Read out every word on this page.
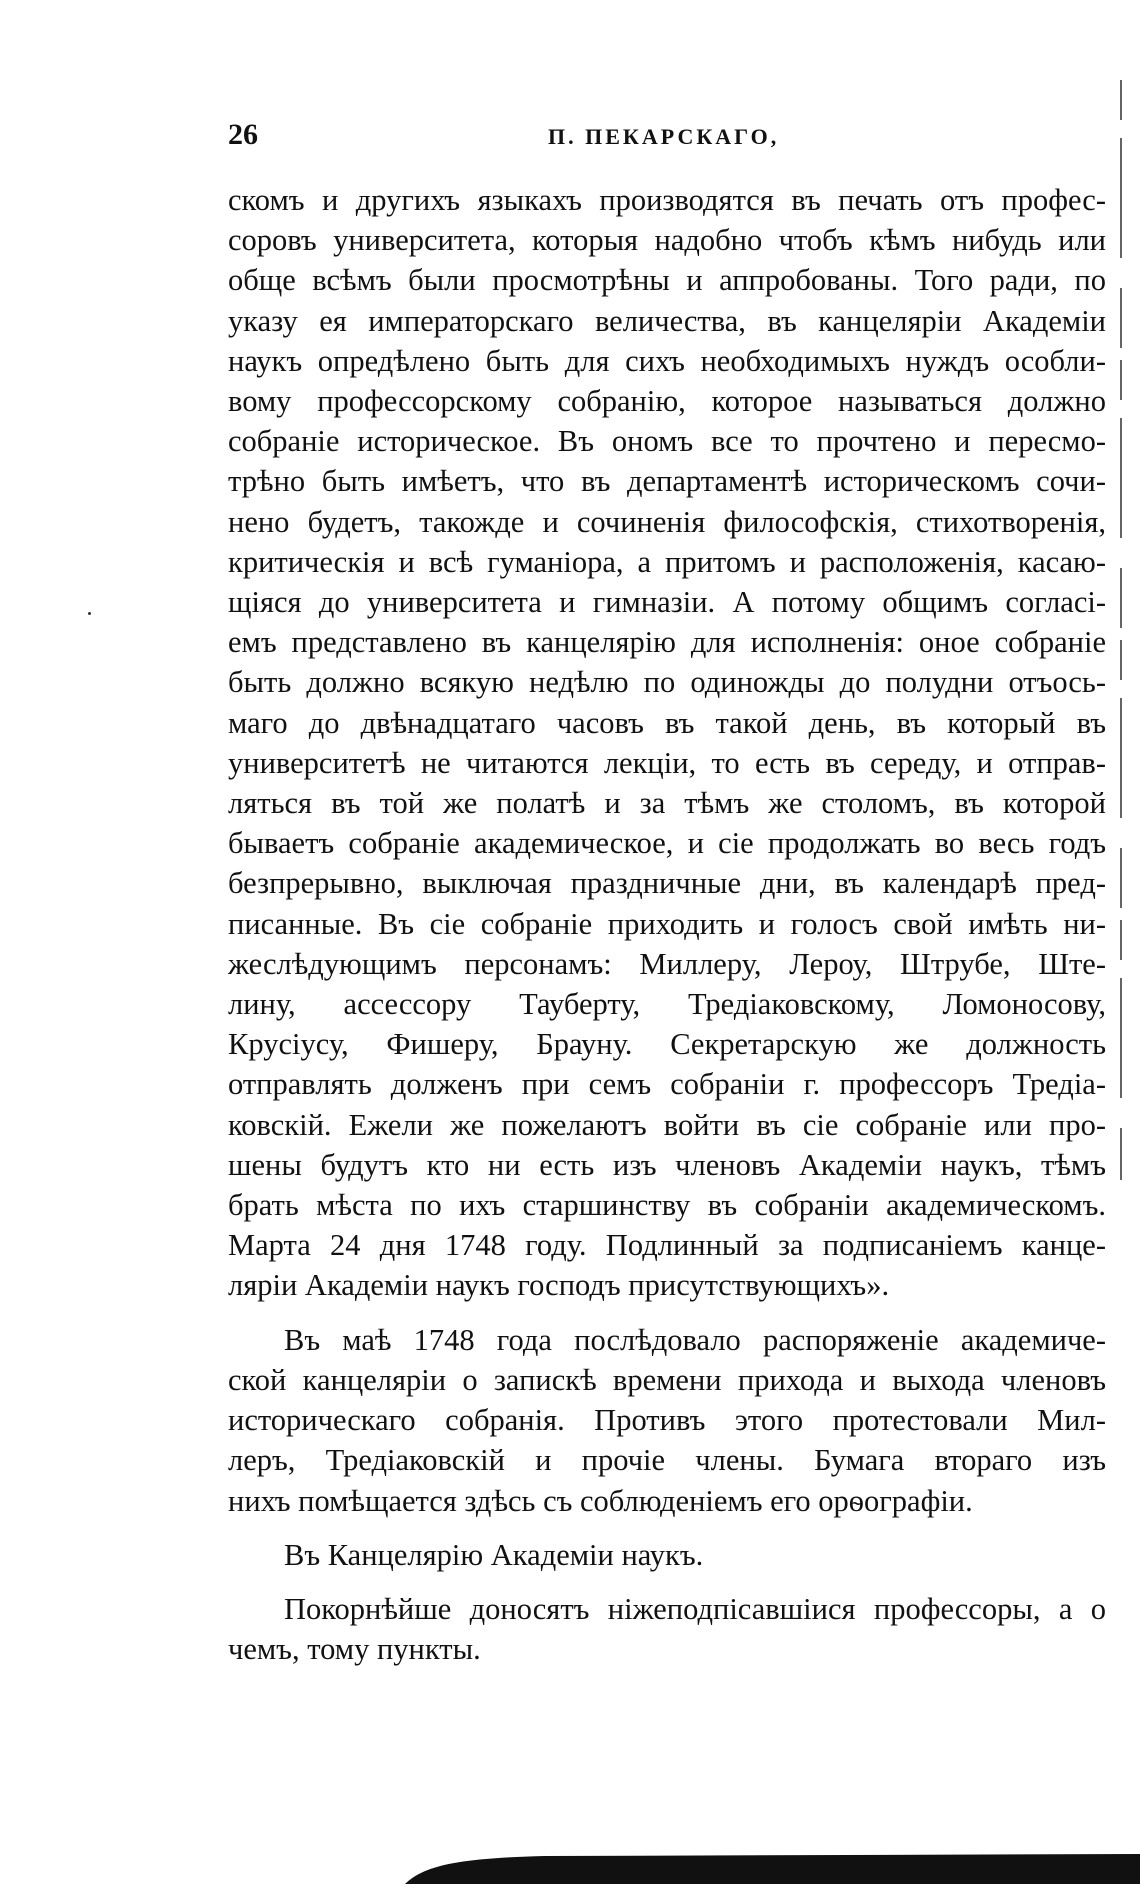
26	П. ПЕКАРСКАГО,
скомъ и другихъ языкахъ производятся въ печать отъ профес-
соровъ университета, которыя надобно чтобъ кѣмъ нибудь или
обще всѣмъ были просмотрѣны и аппробованы. Того ради, по
указу ея императорскаго величества, въ канцеляріи Академіи
наукъ опредѣлено быть для сихъ необходимыхъ нуждъ особли-
вому профессорскому собранію, которое называться должно
собраніе историческое. Въ ономъ все то прочтено и пересмо-
трѣно быть имѣетъ, что въ департаментѣ историческомъ сочи-
нено будетъ, такожде и сочиненія философскія, стихотворенія,
критическія и всѣ гуманіора, а притомъ и расположенія, касаю-
щіяся до университета и гимназіи. А потому общимъ согласі-
емъ представлено въ канцелярію для исполненія: оное собраніе
быть должно всякую недѣлю по одиножды до полудни отъось-
маго до двѣнадцатаго часовъ въ такой день, въ который въ
университетѣ не читаются лекціи, то есть въ середу, и отправ-
ляться въ той же полатѣ и за тѣмъ же столомъ, въ которой
бываетъ собраніе академическое, и сіе продолжать во весь годъ
безпрерывно, выключая праздничные дни, въ календарѣ пред-
писанные. Въ сіе собраніе приходить и голосъ свой имѣть ни-
жеслѣдующимъ персонамъ: Миллеру, Лероу, Штрубе, Ште-
лину, ассессору Тауберту, Тредіаковскому, Ломоносову,
Крусіусу, Фишеру, Брауну. Секретарскую же должность
отправлять долженъ при семъ собраніи г. профессоръ Тредіа-
ковскій. Ежели же пожелаютъ войти въ сіе собраніе или про-
шены будутъ кто ни есть изъ членовъ Академіи наукъ, тѣмъ
брать мѣста по ихъ старшинству въ собраніи академическомъ.
Марта 24 дня 1748 году. Подлинный за подписаніемъ канце-
ляріи Академіи наукъ господъ присутствующихъ».
Въ маѣ 1748 года послѣдовало распоряженіе академиче-
ской канцеляріи о запискѣ времени прихода и выхода членовъ
историческаго собранія. Противъ этого протестовали Мил-
леръ, Тредіаковскій и прочіе члены. Бумага втораго изъ
нихъ помѣщается здѣсь съ соблюденіемъ его орѳографіи.
Въ Канцелярію Академіи наукъ.
Покорнѣйше доносятъ ніжеподпісавшіися профессоры, а о
чемъ, тому пункты.
